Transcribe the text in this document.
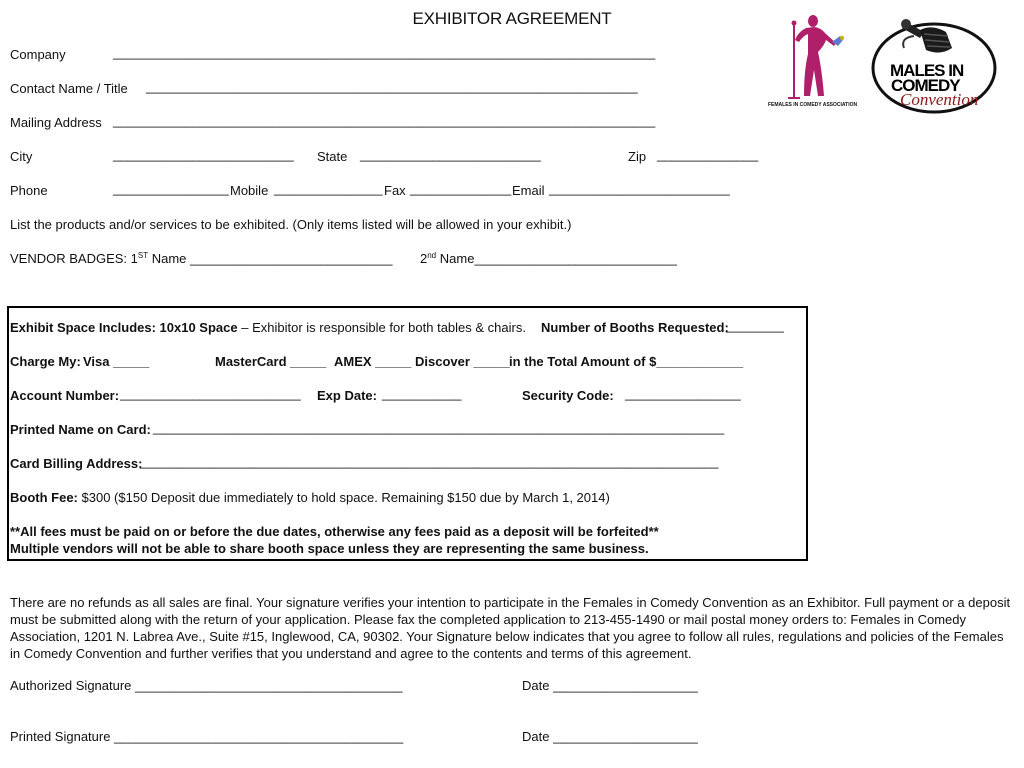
EXHIBITOR AGREEMENT
Company	___________________________________________________________________________
Contact Name / Title ____________________________________________________________________
Mailing Address ___________________________________________________________________________
City	_________________________ State _________________________	Zip ______________
Phone	________________ Mobile _______________ Fax ______________ Email _________________________
List the products and/or services to be exhibited. (Only items listed will be allowed in your exhibit.)
VENDOR BADGES: 1ST Name ____________________________ 2nd Name____________________________
Exhibit Space Includes: 10x10 Space – Exhibitor is responsible for both tables & chairs. Number of Booths Requested:
________
Charge My: Visa _____	MasterCard _____ AMEX _____ Discover _____ in the Total Amount of $____________
Account Number: _________________________ Exp Date: ___________	Security Code: ________________
Printed Name on Card: _______________________________________________________________________________
Card Billing Address:
________________________________________________________________________________
Booth Fee: $300 ($150 Deposit due immediately to hold space. Remaining $150 due by March 1, 2014)
**All fees must be paid on or before the due dates, otherwise any fees paid as a deposit will be forfeited**
Multiple vendors will not be able to share booth space unless they are representing the same business.
There are no refunds as all sales are final. Your signature verifies your intention to participate in the Females in Comedy Convention as an Exhibitor. Full payment or a deposit must be submitted along with the return of your application. Please fax the completed application to 213-455-1490 or mail postal money orders to: Females in Comedy Association, 1201 N. Labrea Ave., Suite #15, Inglewood, CA, 90302. Your Signature below indicates that you agree to follow all rules, regulations and policies of the Females in Comedy Convention and further verifies that you understand and agree to the contents and terms of this agreement.
Authorized Signature _____________________________________	Date ____________________
Printed Signature ________________________________________	Date ____________________
FEMALES IN COMEDY ASSOCIATION
MALES IN
COMEDY
Convention
